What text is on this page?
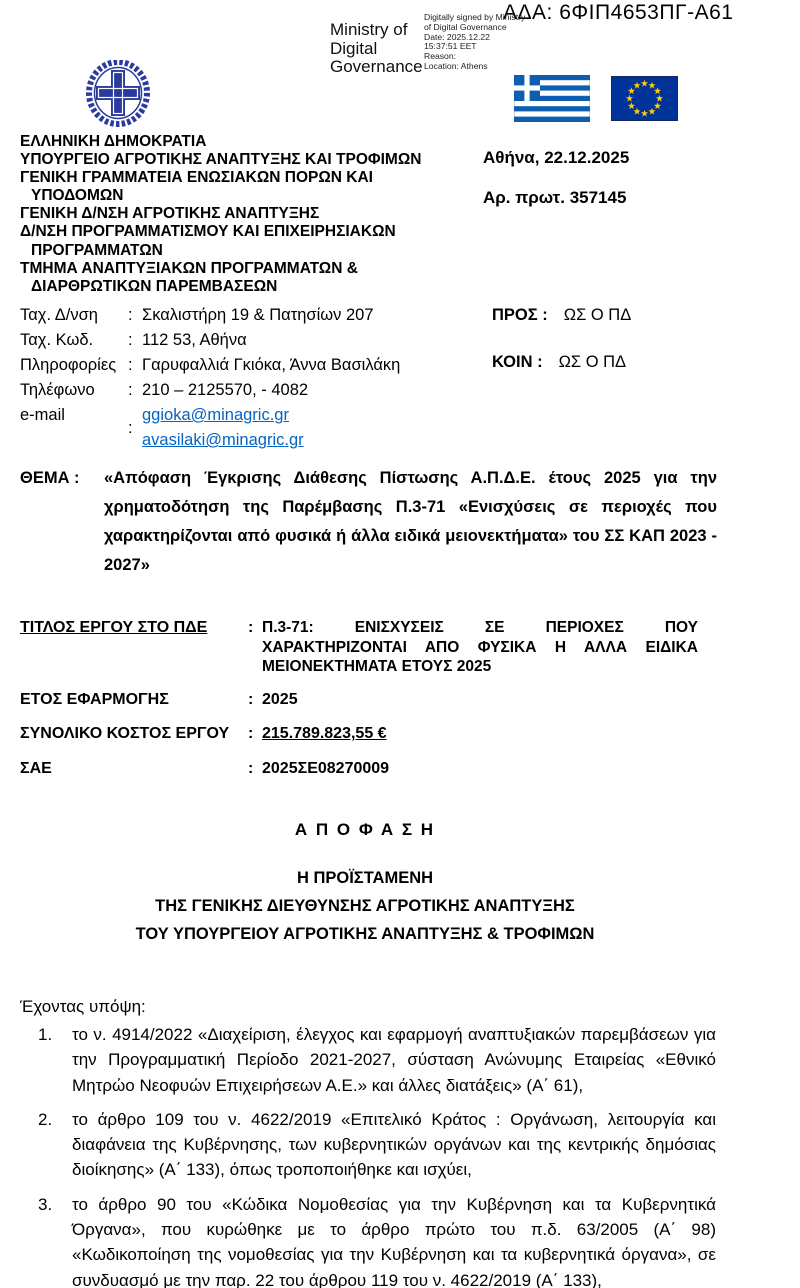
ΑΔΑ: 6ΦΙΠ4653ΠΓ-Α61
Ministry of
Digital
Governance
Digitally signed by Ministry
of Digital Governance
Date: 2025.12.22
15:37:51 EET
Reason:
Location: Athens
ΕΛΛΗΝΙΚΗ ΔΗΜΟΚΡΑΤΙΑ
ΥΠΟΥΡΓΕΙΟ ΑΓΡΟΤΙΚΗΣ ΑΝΑΠΤΥΞΗΣ ΚΑΙ ΤΡΟΦΙΜΩΝ
ΓΕΝΙΚΗ ΓΡΑΜΜΑΤΕΙΑ ΕΝΩΣΙΑΚΩΝ ΠΟΡΩΝ ΚΑΙ
ΥΠΟΔΟΜΩΝ
ΓΕΝΙΚΗ Δ/ΝΣΗ ΑΓΡΟΤΙΚΗΣ ΑΝΑΠΤΥΞΗΣ
Δ/ΝΣΗ ΠΡΟΓΡΑΜΜΑΤΙΣΜΟΥ ΚΑΙ ΕΠΙΧΕΙΡΗΣΙΑΚΩΝ
ΠΡΟΓΡΑΜΜΑΤΩΝ
ΤΜΗΜΑ ΑΝΑΠΤΥΞΙΑΚΩΝ ΠΡΟΓΡΑΜΜΑΤΩΝ &
ΔΙΑΡΘΡΩΤΙΚΩΝ ΠΑΡΕΜΒΑΣΕΩΝ
Αθήνα, 22.12.2025
Αρ. πρωτ. 357145
Ταχ. Δ/νση	: Σκαλιστήρη 19 & Πατησίων 207
Ταχ. Κωδ.	: 112 53, Αθήνα
Πληροφορίες : Γαρυφαλλιά Γκιόκα, Άννα Βασιλάκη
Τηλέφωνο	: 210 – 2125570, - 4082
e-mail
:
ggioka@minagric.gr
avasilaki@minagric.gr
ΠΡΟΣ : ΩΣ Ο ΠΔ
ΚΟΙΝ : ΩΣ Ο ΠΔ
ΘΕΜΑ :	«Απόφαση Έγκρισης Διάθεσης Πίστωσης Α.Π.Δ.Ε. έτους 2025 για την χρηματοδότηση της Παρέμβασης Π.3-71 «Ενισχύσεις σε περιοχές που χαρακτηρίζονται από φυσικά ή άλλα ειδικά μειονεκτήματα» του ΣΣ ΚΑΠ 2023 - 2027»
ΤΙΤΛΟΣ ΕΡΓΟΥ ΣΤΟ ΠΔΕ	: Π.3-71: ΕΝΙΣΧΥΣΕΙΣ ΣΕ ΠΕΡΙΟΧΕΣ ΠΟΥ ΧΑΡΑΚΤΗΡΙΖΟΝΤΑΙ ΑΠΟ ΦΥΣΙΚΑ Η ΑΛΛΑ ΕΙΔΙΚΑ ΜΕΙΟΝΕΚΤΗΜΑΤΑ ΕΤΟΥΣ 2025
ΕΤΟΣ ΕΦΑΡΜΟΓΗΣ	: 2025
ΣΥΝΟΛΙΚΟ ΚΟΣΤΟΣ ΕΡΓΟΥ	: 215.789.823,55 €
ΣΑΕ	: 2025ΣΕ08270009
Α Π Ο Φ Α Σ Η
Η ΠΡΟΪΣΤΑΜΕΝΗ
ΤΗΣ ΓΕΝΙΚΗΣ ΔΙΕΥΘΥΝΣΗΣ ΑΓΡΟΤΙΚΗΣ ΑΝΑΠΤΥΞΗΣ
ΤΟΥ ΥΠΟΥΡΓΕΙΟΥ ΑΓΡΟΤΙΚΗΣ ΑΝΑΠΤΥΞΗΣ & ΤΡΟΦΙΜΩΝ
Έχοντας υπόψη:
1.	το ν. 4914/2022 «Διαχείριση, έλεγχος και εφαρμογή αναπτυξιακών παρεμβάσεων για την Προγραμματική Περίοδο 2021-2027, σύσταση Ανώνυμης Εταιρείας «Εθνικό Μητρώο Νεοφυών Επιχειρήσεων Α.Ε.» και άλλες διατάξεις» (Α΄ 61),
2.	το άρθρο 109 του ν. 4622/2019 «Επιτελικό Κράτος : Οργάνωση, λειτουργία και διαφάνεια της Κυβέρνησης, των κυβερνητικών οργάνων και της κεντρικής δημόσιας διοίκησης» (Α΄ 133), όπως τροποποιήθηκε και ισχύει,
3.	το άρθρο 90 του «Κώδικα Νομοθεσίας για την Κυβέρνηση και τα Κυβερνητικά Όργανα», που κυρώθηκε με το άρθρο πρώτο του π.δ. 63/2005 (Α΄ 98) «Κωδικοποίηση της νομοθεσίας για την Κυβέρνηση και τα κυβερνητικά όργανα», σε συνδυασμό με την παρ. 22 του άρθρου 119 του ν. 4622/2019 (Α΄ 133),
